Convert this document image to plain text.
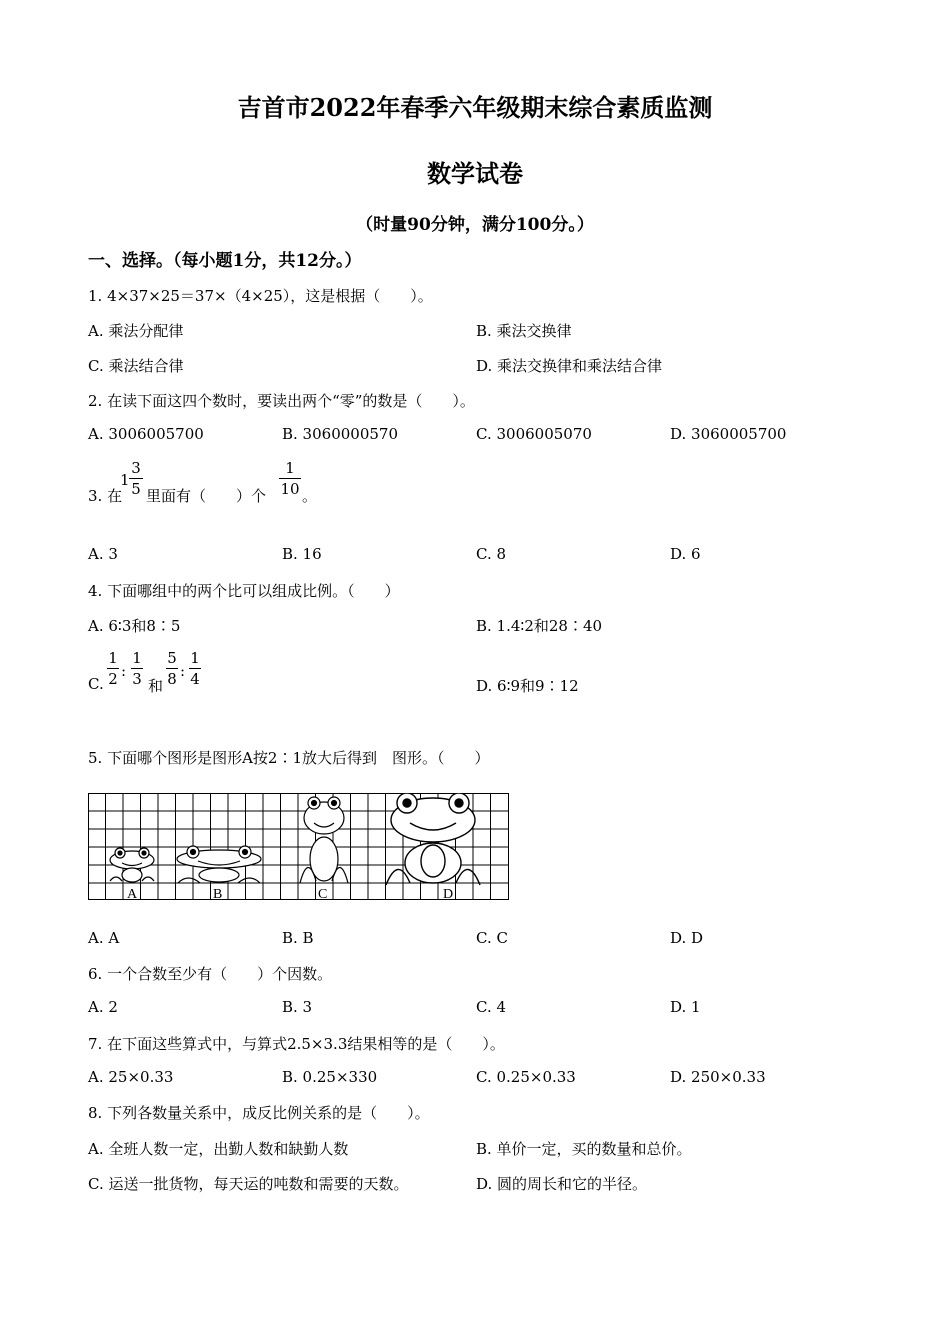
吉首市2022年春季六年级期末综合素质监测
数学试卷
（时量90分钟，满分100分。）
一、选择。（每小题1分，共12分。）
1. 4×37×25＝37×（4×25），这是根据（　　）。
A. 乘法分配律	B. 乘法交换律
C. 乘法结合律	D. 乘法交换律和乘法结合律
2. 在读下面这四个数时，要读出两个“零”的数是（　　）。
A. 3006005700	B. 3060000570	C. 3006005070	D. 3060005700
3. 在
$1 \frac{3}{5}$ 里面有（　　）个 $\frac{1}{10}$ 。
A. 3	B. 16	C. 8	D. 6
4. 下面哪组中的两个比可以组成比例。（　　）
A. 6∶3和8∶5	B. 1.4∶2和28∶40
C. $\frac{1}{2}$ : $\frac{1}{3}$ 和 $\frac{5}{8}$ : $\frac{1}{4}$	D. 6∶9和9∶12
5. 下面哪个图形是图形A按2∶1放大后得到　图形。（　　）
A	B	C	D
A. A	B. B	C. C	D. D
6. 一个合数至少有（　　）个因数。
A. 2	B. 3	C. 4	D. 1
7. 在下面这些算式中，与算式2.5×3.3结果相等的是（　　）。
A. 25×0.33	B. 0.25×330	C. 0.25×0.33	D. 250×0.33
8. 下列各数量关系中，成反比例关系的是（　　）。
A. 全班人数一定，出勤人数和缺勤人数	B. 单价一定，买的数量和总价。
C. 运送一批货物，每天运的吨数和需要的天数。	D. 圆的周长和它的半径。
